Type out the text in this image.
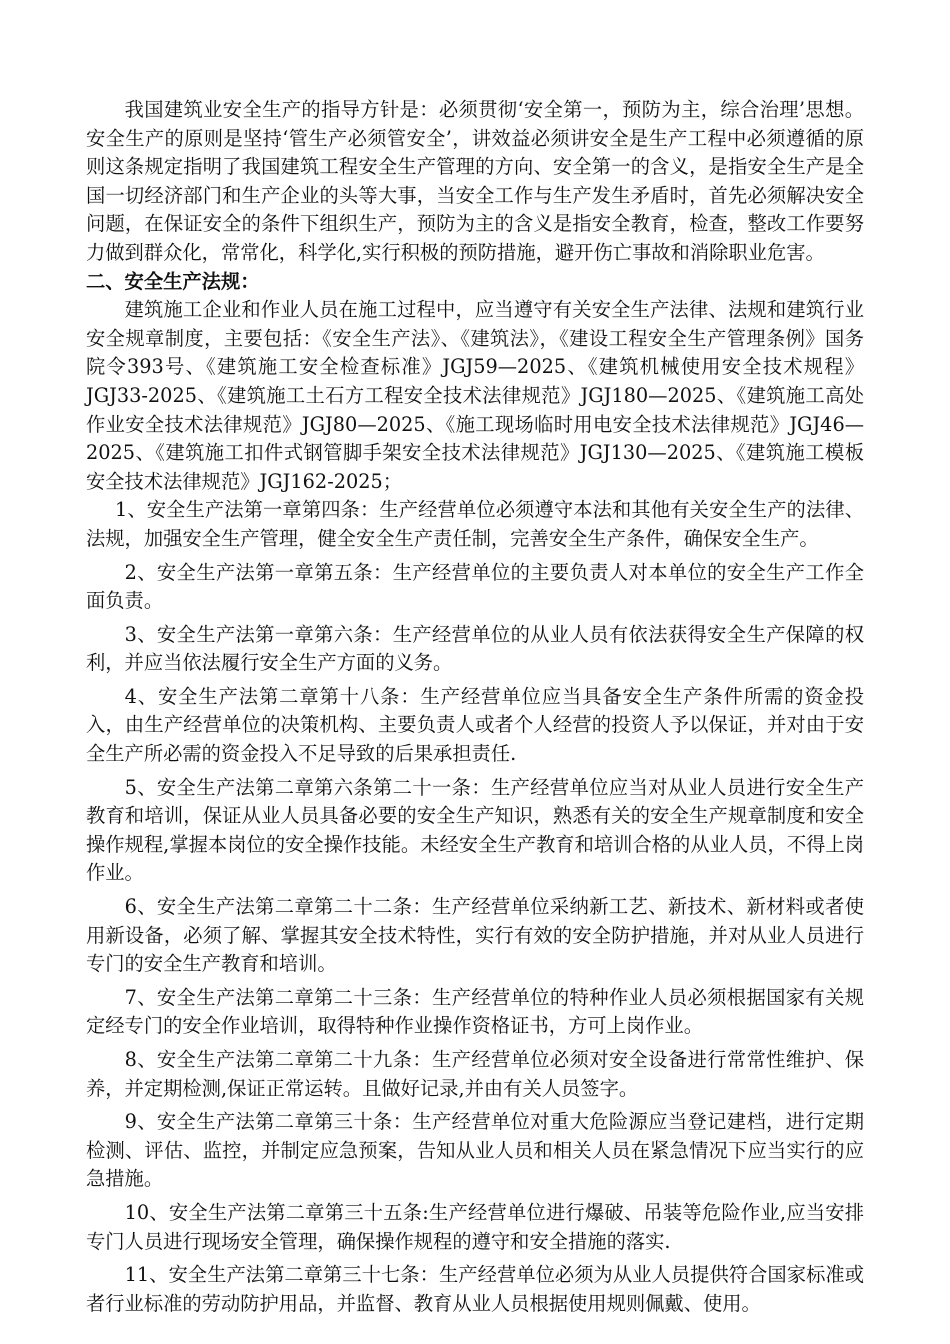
我国建筑业安全生产的指导方针是：必须贯彻‘安全第一，预防为主，综合治理’思想。安全生产的原则是坚持‘管生产必须管安全’，讲效益必须讲安全是生产工程中必须遵循的原则这条规定指明了我国建筑工程安全生产管理的方向、安全第一的含义，是指安全生产是全国一切经济部门和生产企业的头等大事，当安全工作与生产发生矛盾时，首先必须解决安全问题，在保证安全的条件下组织生产，预防为主的含义是指安全教育，检查，整改工作要努力做到群众化，常常化，科学化,实行积极的预防措施，避开伤亡事故和消除职业危害。

二、安全生产法规：

建筑施工企业和作业人员在施工过程中，应当遵守有关安全生产法律、法规和建筑行业安全规章制度，主要包括：《安全生产法》、《建筑法》，《建设工程安全生产管理条例》国务院令393号、《建筑施工安全检查标准》JGJ59—2025、《建筑机械使用安全技术规程》JGJ33-2025、《建筑施工土石方工程安全技术法律规范》JGJ180—2025、《建筑施工高处作业安全技术法律规范》JGJ80—2025、《施工现场临时用电安全技术法律规范》JGJ46—2025、《建筑施工扣件式钢管脚手架安全技术法律规范》JGJ130—2025、《建筑施工模板安全技术法律规范》JGJ162-2025；

1、安全生产法第一章第四条：生产经营单位必须遵守本法和其他有关安全生产的法律、法规，加强安全生产管理，健全安全生产责任制，完善安全生产条件，确保安全生产。

2、安全生产法第一章第五条：生产经营单位的主要负责人对本单位的安全生产工作全面负责。

3、安全生产法第一章第六条：生产经营单位的从业人员有依法获得安全生产保障的权利，并应当依法履行安全生产方面的义务。

4、安全生产法第二章第十八条：生产经营单位应当具备安全生产条件所需的资金投入，由生产经营单位的决策机构、主要负责人或者个人经营的投资人予以保证，并对由于安全生产所必需的资金投入不足导致的后果承担责任.

5、安全生产法第二章第六条第二十一条：生产经营单位应当对从业人员进行安全生产教育和培训，保证从业人员具备必要的安全生产知识，熟悉有关的安全生产规章制度和安全操作规程,掌握本岗位的安全操作技能。未经安全生产教育和培训合格的从业人员，不得上岗作业。

6、安全生产法第二章第二十二条：生产经营单位采纳新工艺、新技术、新材料或者使用新设备，必须了解、掌握其安全技术特性，实行有效的安全防护措施，并对从业人员进行专门的安全生产教育和培训。

7、安全生产法第二章第二十三条：生产经营单位的特种作业人员必须根据国家有关规定经专门的安全作业培训，取得特种作业操作资格证书，方可上岗作业。

8、安全生产法第二章第二十九条：生产经营单位必须对安全设备进行常常性维护、保养，并定期检测,保证正常运转。且做好记录,并由有关人员签字。

9、安全生产法第二章第三十条：生产经营单位对重大危险源应当登记建档，进行定期检测、评估、监控，并制定应急预案，告知从业人员和相关人员在紧急情况下应当实行的应急措施。

10、安全生产法第二章第三十五条:生产经营单位进行爆破、吊装等危险作业,应当安排专门人员进行现场安全管理，确保操作规程的遵守和安全措施的落实.

11、安全生产法第二章第三十七条：生产经营单位必须为从业人员提供符合国家标准或者行业标准的劳动防护用品，并监督、教育从业人员根据使用规则佩戴、使用。
